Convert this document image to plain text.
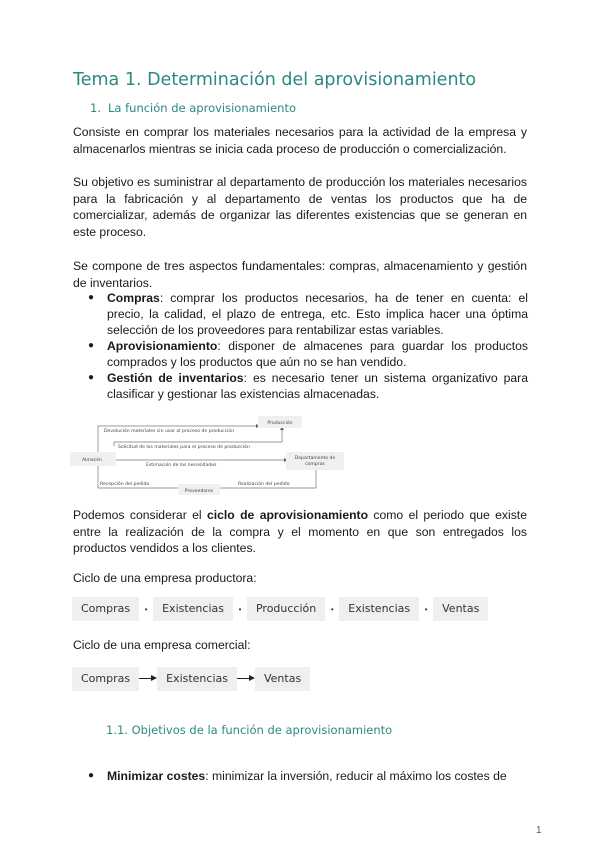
Tema 1. Determinación del aprovisionamiento
1. La función de aprovisionamiento
Consiste en comprar los materiales necesarios para la actividad de la empresa y almacenarlos mientras se inicia cada proceso de producción o comercialización.
Su objetivo es suministrar al departamento de producción los materiales necesarios para la fabricación y al departamento de ventas los productos que ha de comercializar, además de organizar las diferentes existencias que se generan en este proceso.
Se compone de tres aspectos fundamentales: compras, almacenamiento y gestión de inventarios.
● Compras: comprar los productos necesarios, ha de tener en cuenta: el precio, la calidad, el plazo de entrega, etc. Esto implica hacer una óptima selección de los proveedores para rentabilizar estas variables.
● Aprovisionamiento: disponer de almacenes para guardar los productos comprados y los productos que aún no se han vendido.
● Gestión de inventarios: es necesario tener un sistema organizativo para clasificar y gestionar las existencias almacenadas.
Producción
Almacén	Departamento de
compras
Proveedores
Devolución materiales sin usar al proceso de producción
Solicitud de los materiales para el proceso de producción
Estimación de las necesidades
Recepción del pedido	Realización del pedido
Podemos considerar el ciclo de aprovisionamiento como el periodo que existe entre la realización de la compra y el momento en que son entregados los productos vendidos a los clientes.
Ciclo de una empresa productora:
Compras	•	Existencias	•	Producción	•	Existencias	•	Ventas
Ciclo de una empresa comercial:
Compras	Existencias	Ventas
1.1. Objetivos de la función de aprovisionamiento
● Minimizar costes: minimizar la inversión, reducir al máximo los costes de
1
